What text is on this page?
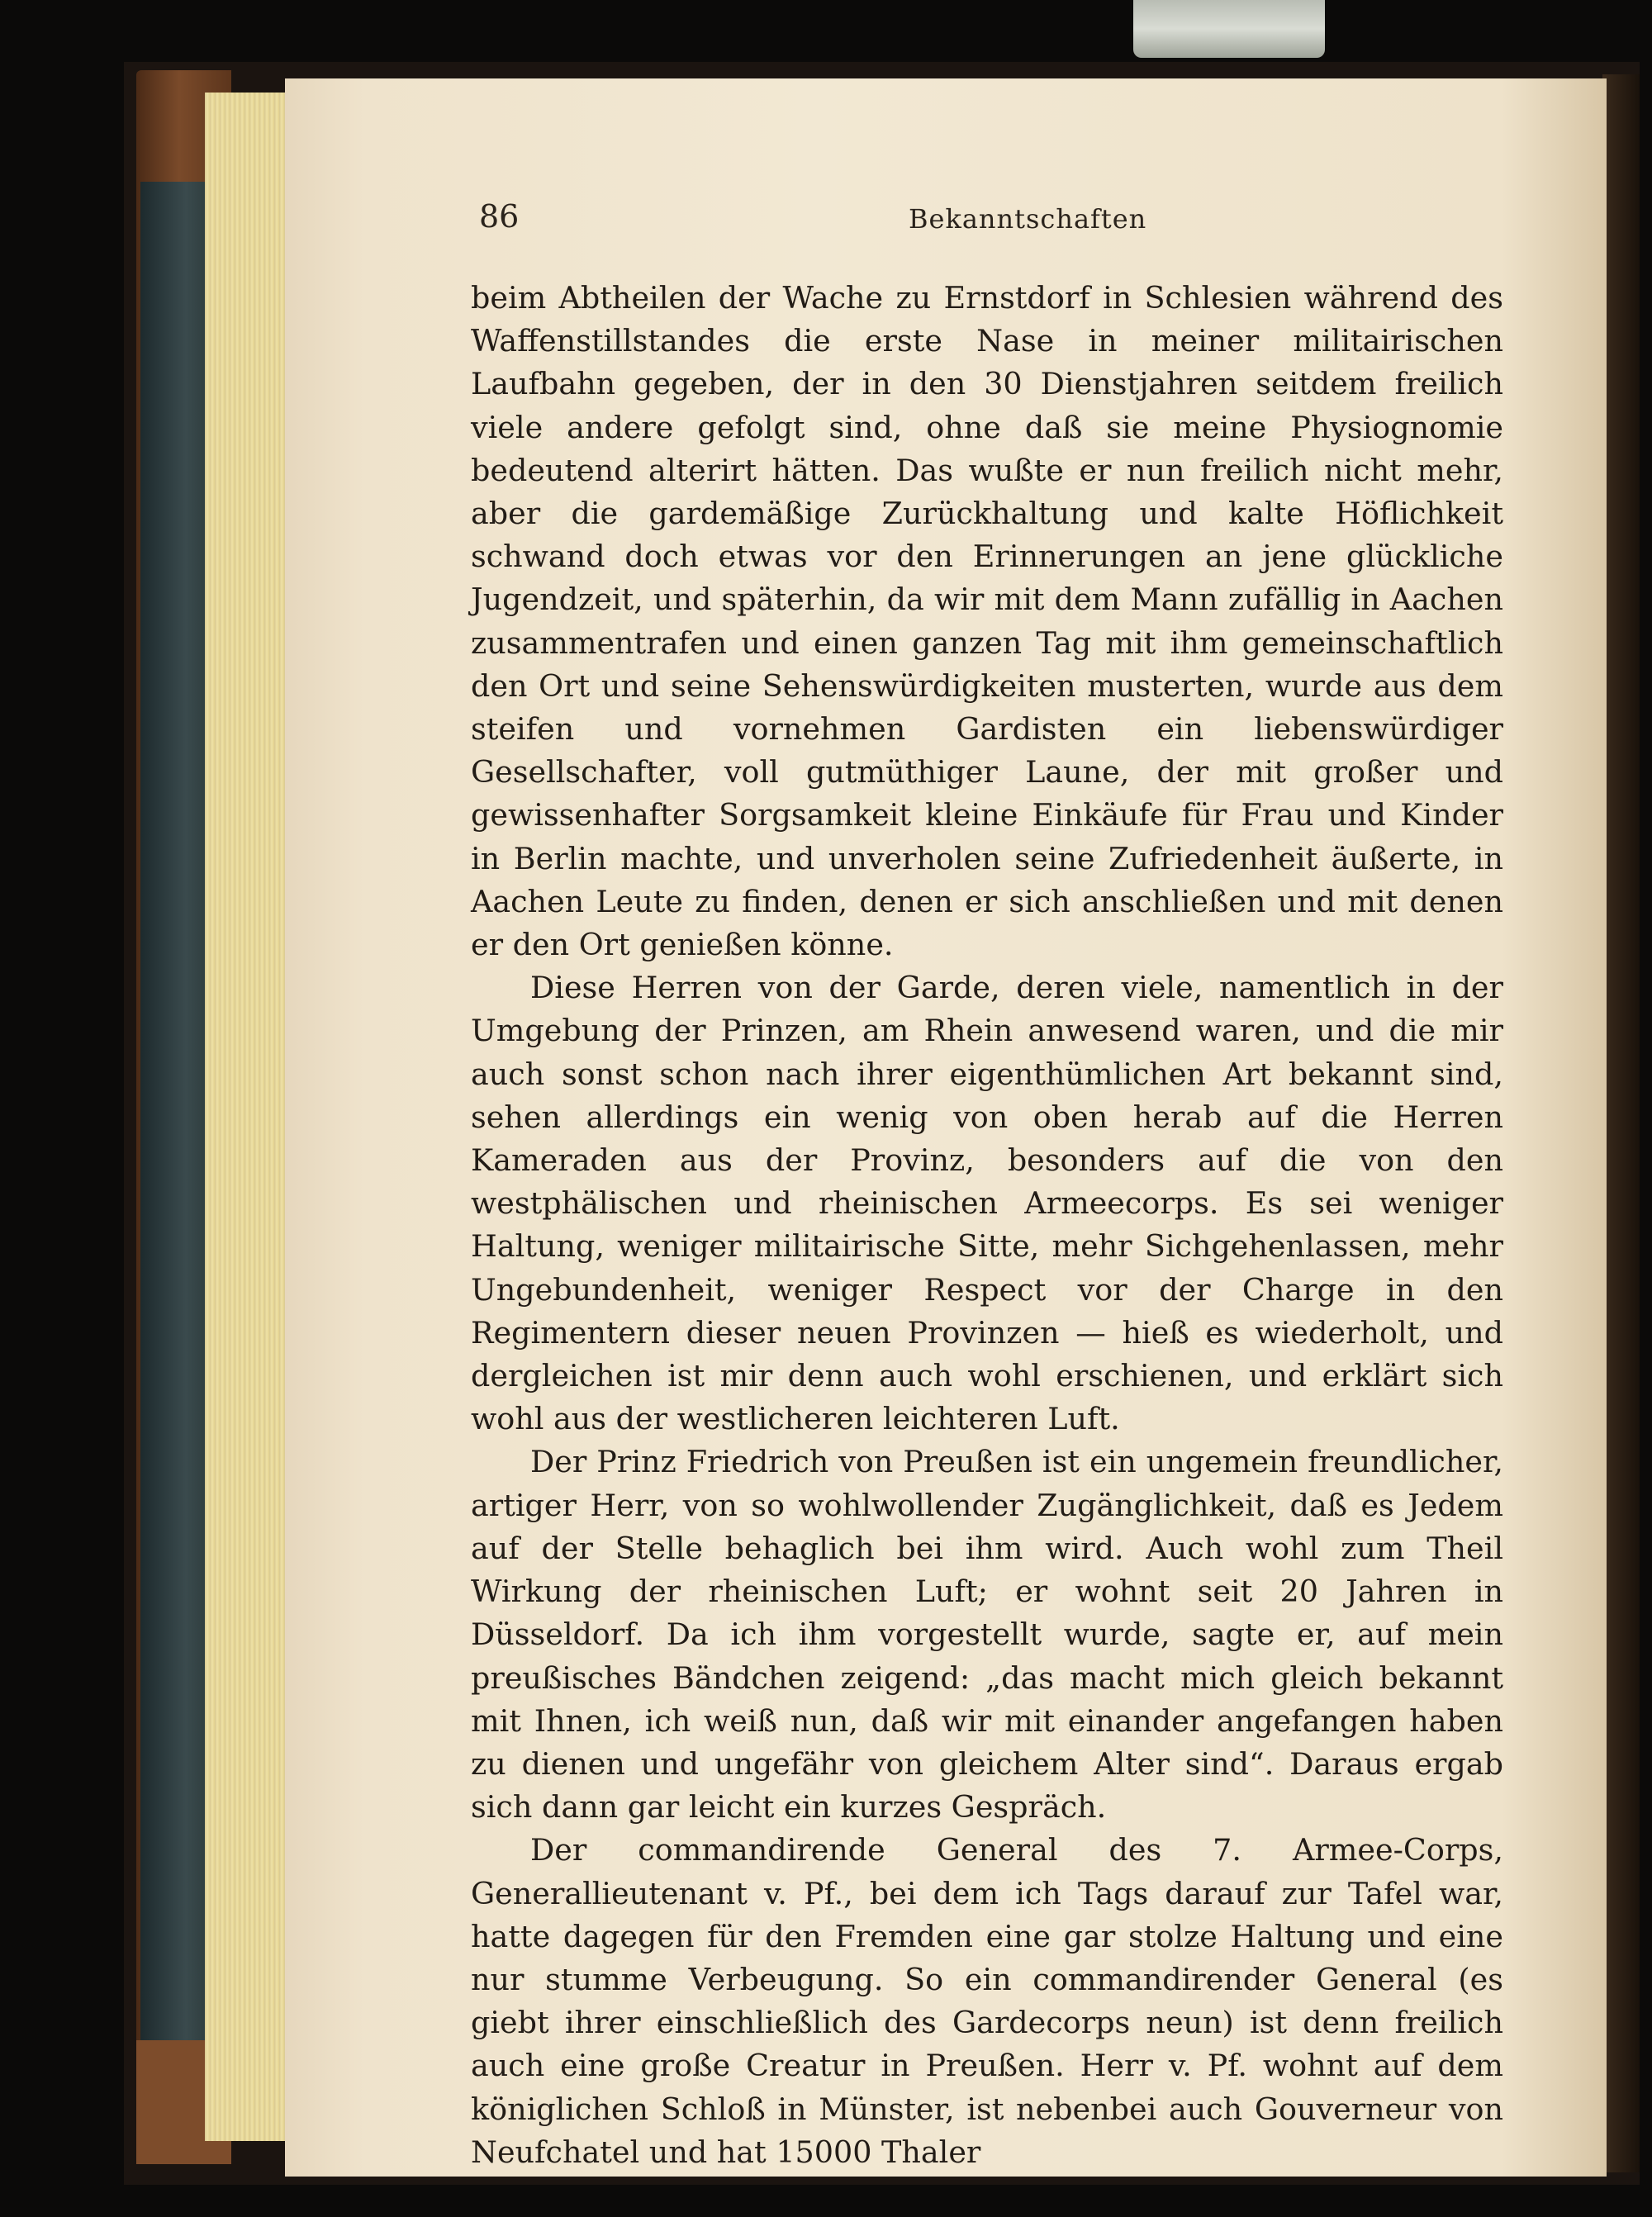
86	Bekanntschaften

beim Abtheilen der Wache zu Ernstdorf in Schlesien während des Waffenstillstandes die erste Nase in meiner militairischen Laufbahn gegeben, der in den 30 Dienstjahren seitdem freilich viele andere gefolgt sind, ohne daß sie meine Physiognomie bedeutend alterirt hätten. Das wußte er nun freilich nicht mehr, aber die gardemäßige Zurückhaltung und kalte Höflichkeit schwand doch etwas vor den Erinnerungen an jene glückliche Jugendzeit, und späterhin, da wir mit dem Mann zufällig in Aachen zusammentrafen und einen ganzen Tag mit ihm gemeinschaftlich den Ort und seine Sehenswürdigkeiten musterten, wurde aus dem steifen und vornehmen Gardisten ein liebenswürdiger Gesellschafter, voll gutmüthiger Laune, der mit großer und gewissenhafter Sorgsamkeit kleine Einkäufe für Frau und Kinder in Berlin machte, und unverholen seine Zufriedenheit äußerte, in Aachen Leute zu finden, denen er sich anschließen und mit denen er den Ort genießen könne.

Diese Herren von der Garde, deren viele, namentlich in der Umgebung der Prinzen, am Rhein anwesend waren, und die mir auch sonst schon nach ihrer eigenthümlichen Art bekannt sind, sehen allerdings ein wenig von oben herab auf die Herren Kameraden aus der Provinz, besonders auf die von den westphälischen und rheinischen Armeecorps. Es sei weniger Haltung, weniger militairische Sitte, mehr Sichgehenlassen, mehr Ungebundenheit, weniger Respect vor der Charge in den Regimentern dieser neuen Provinzen — hieß es wiederholt, und dergleichen ist mir denn auch wohl erschienen, und erklärt sich wohl aus der westlicheren leichteren Luft.

Der Prinz Friedrich von Preußen ist ein ungemein freundlicher, artiger Herr, von so wohlwollender Zugänglichkeit, daß es Jedem auf der Stelle behaglich bei ihm wird. Auch wohl zum Theil Wirkung der rheinischen Luft; er wohnt seit 20 Jahren in Düsseldorf. Da ich ihm vorgestellt wurde, sagte er, auf mein preußisches Bändchen zeigend: „das macht mich gleich bekannt mit Ihnen, ich weiß nun, daß wir mit einander angefangen haben zu dienen und ungefähr von gleichem Alter sind“. Daraus ergab sich dann gar leicht ein kurzes Gespräch.

Der commandirende General des 7. Armee-Corps, Generallieutenant v. Pf., bei dem ich Tags darauf zur Tafel war, hatte dagegen für den Fremden eine gar stolze Haltung und eine nur stumme Verbeugung. So ein commandirender General (es giebt ihrer einschließlich des Gardecorps neun) ist denn freilich auch eine große Creatur in Preußen. Herr v. Pf. wohnt auf dem königlichen Schloß in Münster, ist nebenbei auch Gouverneur von Neufchatel und hat 15000 Thaler
